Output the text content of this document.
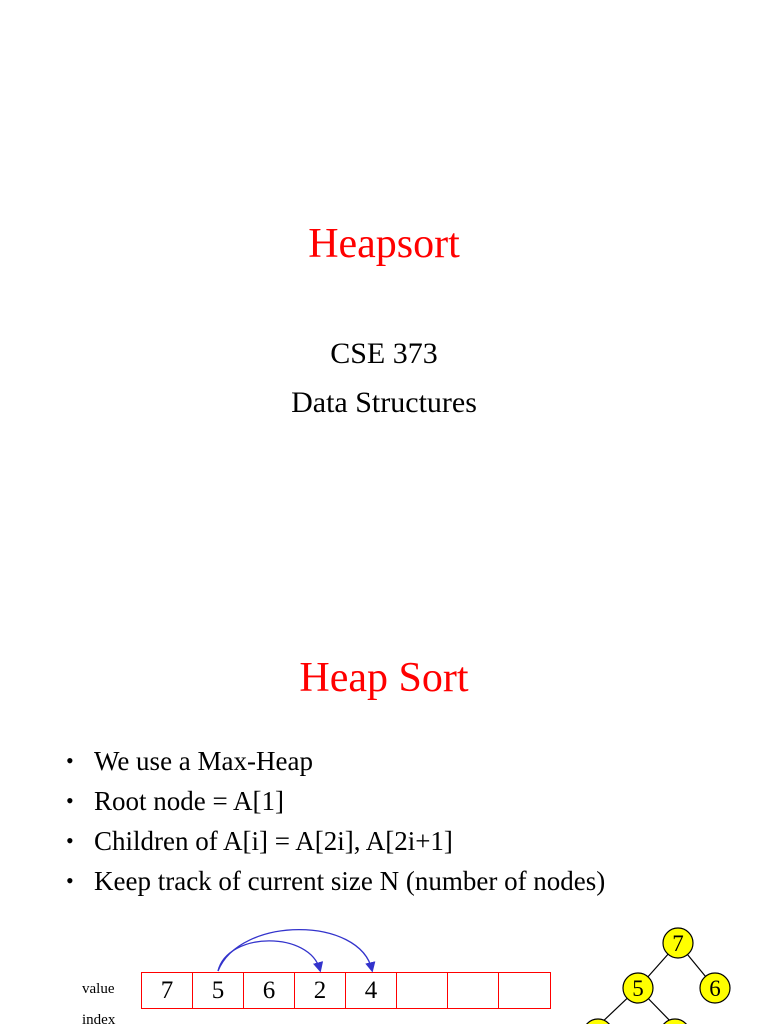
Heapsort
CSE 373
Data Structures
Heap Sort
• We use a Max-Heap
• Root node = A[1]
• Children of A[i] = A[2i], A[2i+1]
• Keep track of current size N (number of nodes)
value
index
7	5	6	2	4
7
5	6
